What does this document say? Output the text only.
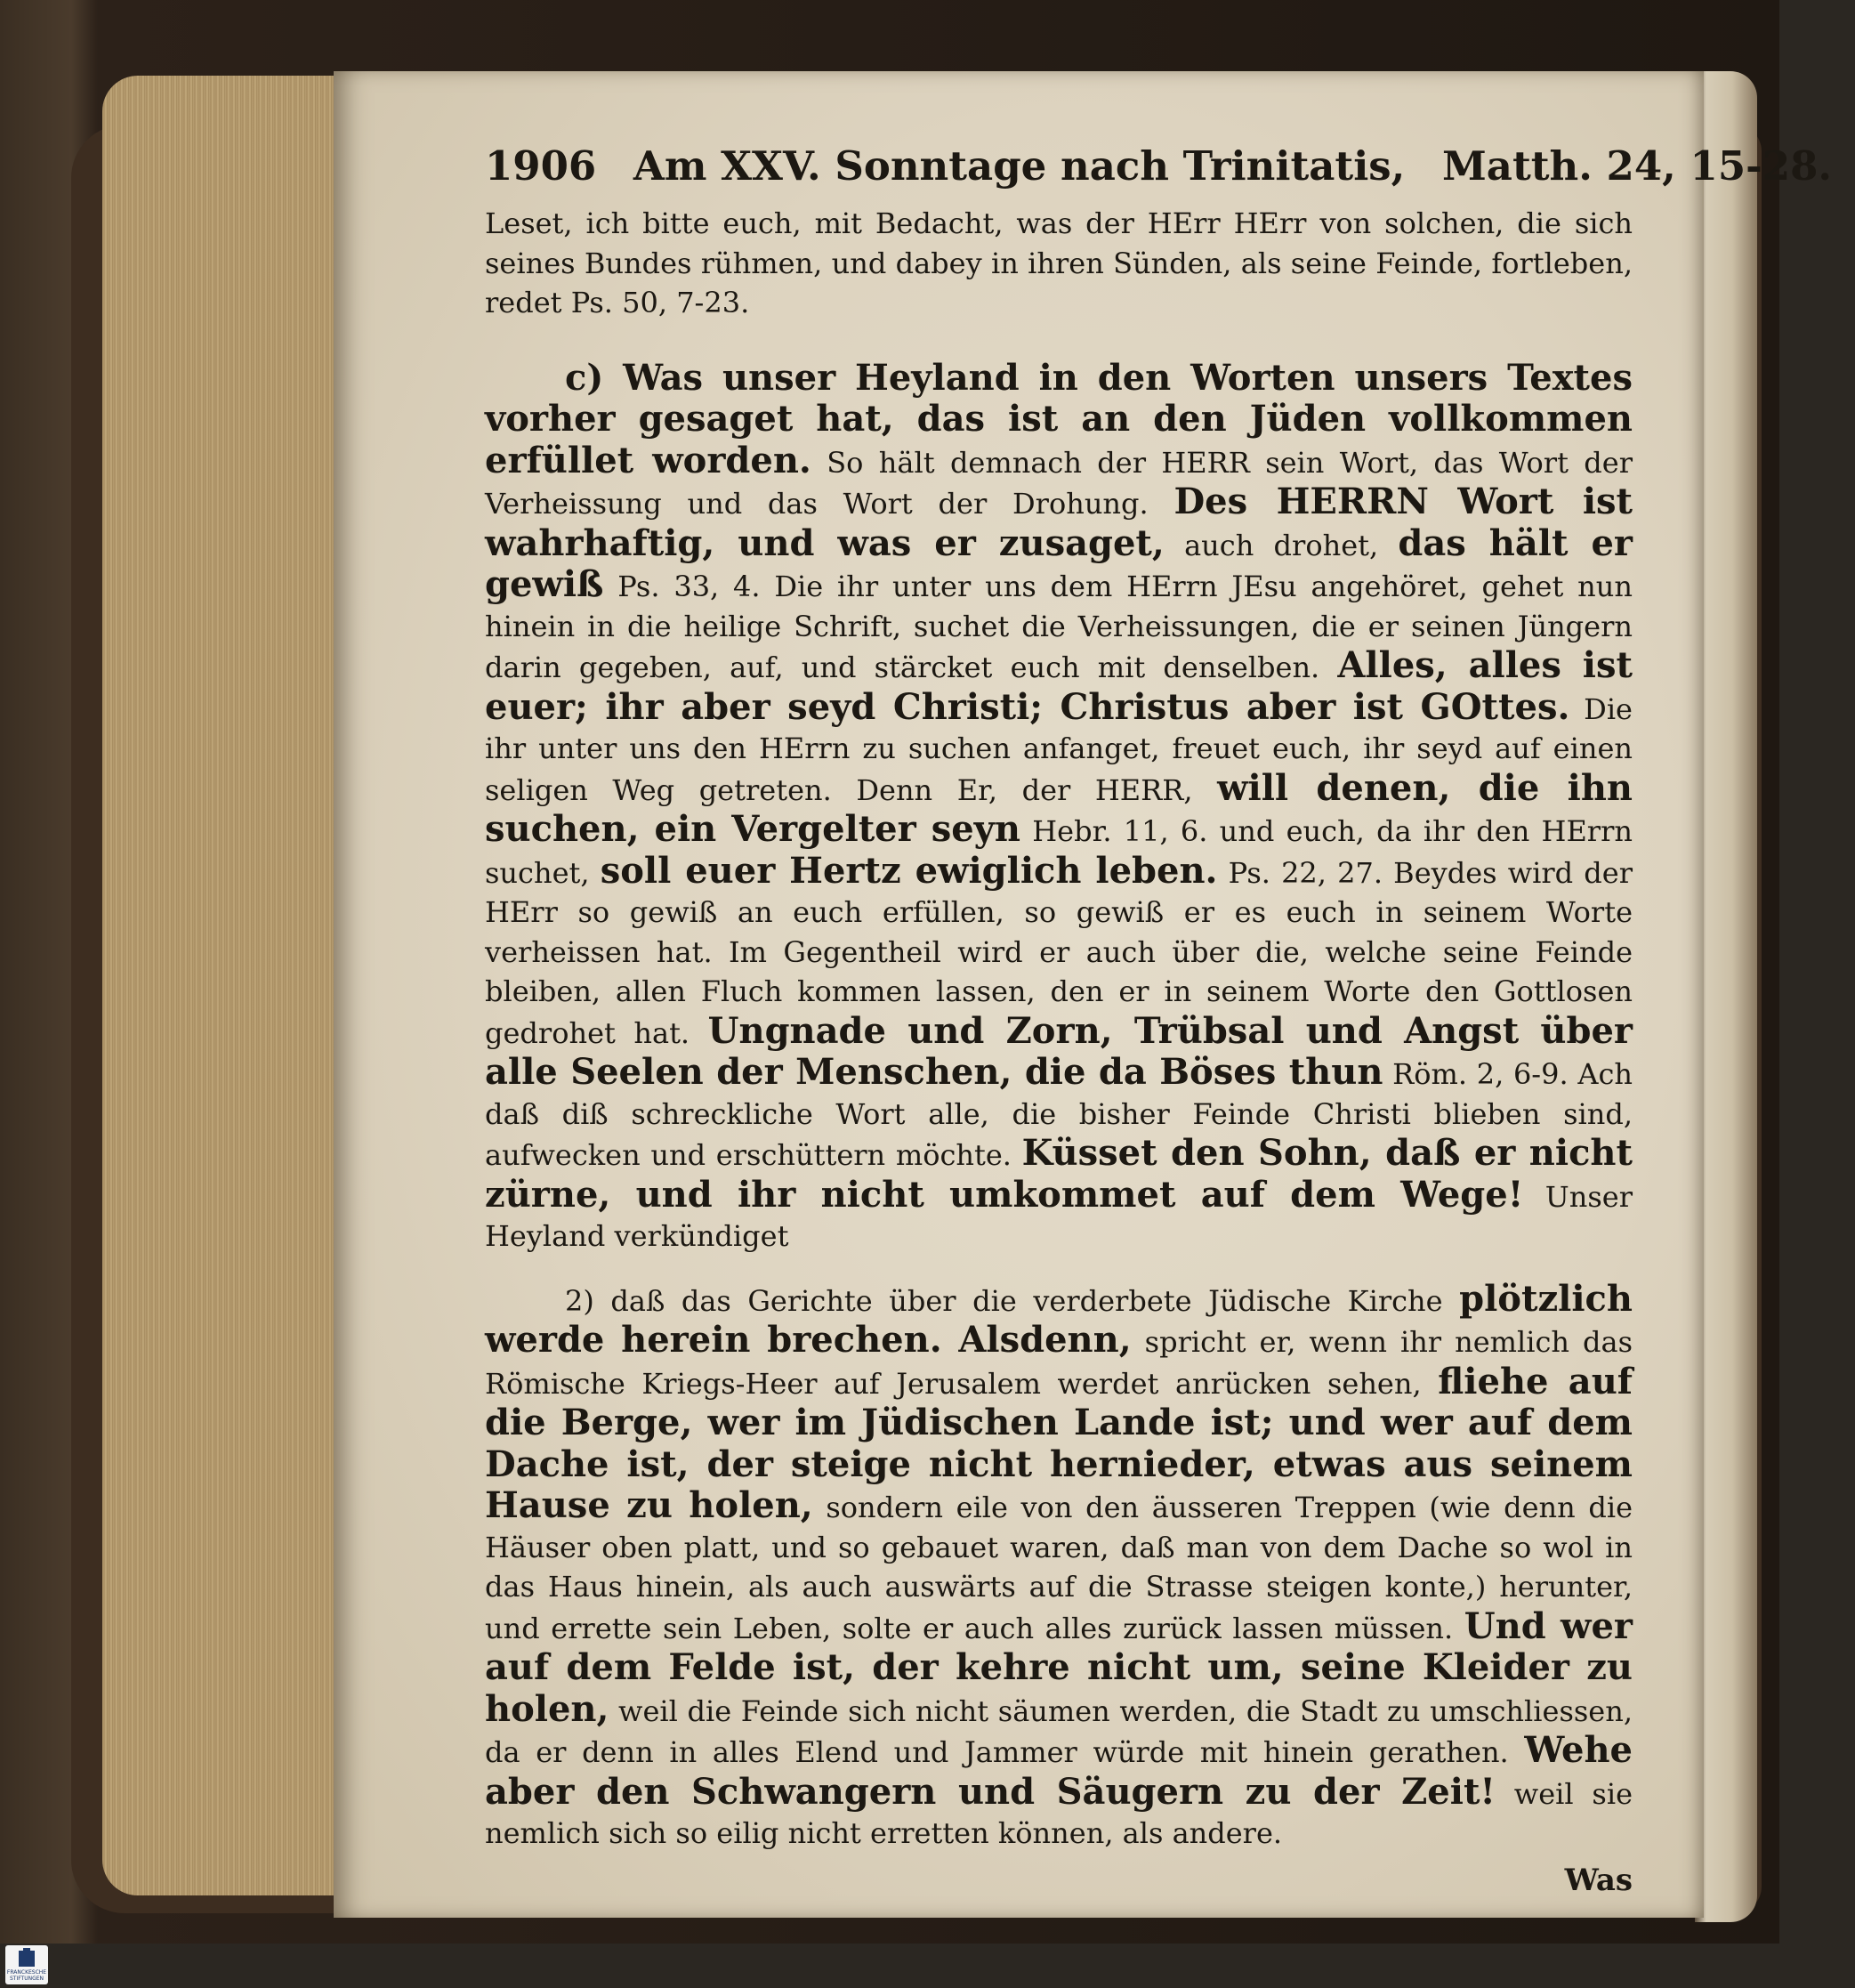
1906 Am XXV. Sonntage nach Trinitatis, Matth. 24, 15-28.

Leset, ich bitte euch, mit Bedacht, was der HErr HErr von solchen, die sich seines Bundes rühmen, und dabey in ihren Sünden, als seine Feinde, fortleben, redet Ps. 50, 7-23.

c) Was unser Heyland in den Worten unsers Textes vorher gesaget hat, das ist an den Jüden vollkommen erfüllet worden. So hält demnach der HERR sein Wort, das Wort der Verheissung und das Wort der Drohung. Des HERRN Wort ist wahrhaftig, und was er zusaget, auch drohet, das hält er gewiß Ps. 33, 4. Die ihr unter uns dem HErrn JEsu angehöret, gehet nun hinein in die heilige Schrift, suchet die Verheissungen, die er seinen Jüngern darin gegeben, auf, und stärcket euch mit denselben. Alles, alles ist euer; ihr aber seyd Christi; Christus aber ist GOttes. Die ihr unter uns den HErrn zu suchen anfanget, freuet euch, ihr seyd auf einen seligen Weg getreten. Denn Er, der HERR, will denen, die ihn suchen, ein Vergelter seyn Hebr. 11, 6. und euch, da ihr den HErrn suchet, soll euer Hertz ewiglich leben. Ps. 22, 27. Beydes wird der HErr so gewiß an euch erfüllen, so gewiß er es euch in seinem Worte verheissen hat. Im Gegentheil wird er auch über die, welche seine Feinde bleiben, allen Fluch kommen lassen, den er in seinem Worte den Gottlosen gedrohet hat. Ungnade und Zorn, Trübsal und Angst über alle Seelen der Menschen, die da Böses thun Röm. 2, 6-9. Ach daß diß schreckliche Wort alle, die bisher Feinde Christi blieben sind, aufwecken und erschüttern möchte. Küsset den Sohn, daß er nicht zürne, und ihr nicht umkommet auf dem Wege! Unser Heyland verkündiget

2) daß das Gerichte über die verderbete Jüdische Kirche plötzlich werde herein brechen. Alsdenn, spricht er, wenn ihr nemlich das Römische Kriegs-Heer auf Jerusalem werdet anrücken sehen, fliehe auf die Berge, wer im Jüdischen Lande ist; und wer auf dem Dache ist, der steige nicht hernieder, etwas aus seinem Hause zu holen, sondern eile von den äusseren Treppen (wie denn die Häuser oben platt, und so gebauet waren, daß man von dem Dache so wol in das Haus hinein, als auch auswärts auf die Strasse steigen konte,) herunter, und errette sein Leben, solte er auch alles zurück lassen müssen. Und wer auf dem Felde ist, der kehre nicht um, seine Kleider zu holen, weil die Feinde sich nicht säumen werden, die Stadt zu umschliessen, da er denn in alles Elend und Jammer würde mit hinein gerathen. Wehe aber den Schwangern und Säugern zu der Zeit! weil sie nemlich sich so eilig nicht erretten können, als andere.

Was
FRANCKESCHE STIFTUNGEN
